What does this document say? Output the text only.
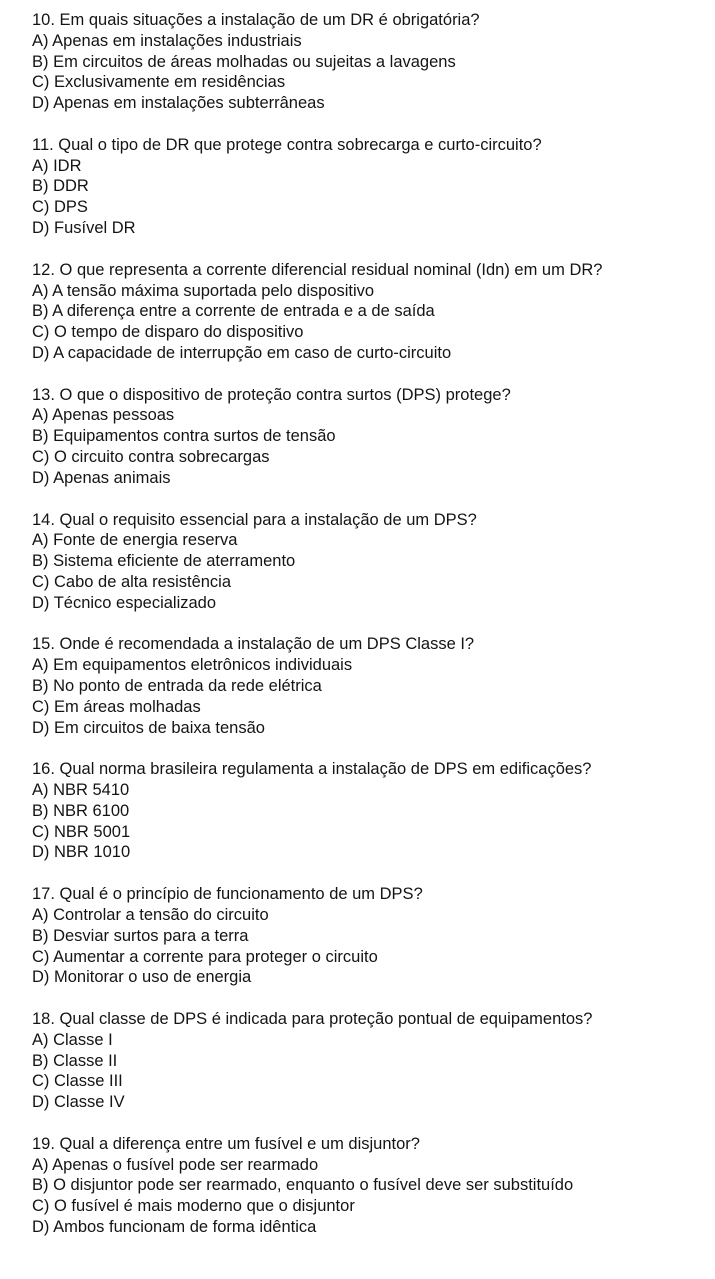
10. Em quais situações a instalação de um DR é obrigatória?
A) Apenas em instalações industriais
B) Em circuitos de áreas molhadas ou sujeitas a lavagens
C) Exclusivamente em residências
D) Apenas em instalações subterrâneas
11. Qual o tipo de DR que protege contra sobrecarga e curto-circuito?
A) IDR
B) DDR
C) DPS
D) Fusível DR
12. O que representa a corrente diferencial residual nominal (Idn) em um DR?
A) A tensão máxima suportada pelo dispositivo
B) A diferença entre a corrente de entrada e a de saída
C) O tempo de disparo do dispositivo
D) A capacidade de interrupção em caso de curto-circuito
13. O que o dispositivo de proteção contra surtos (DPS) protege?
A) Apenas pessoas
B) Equipamentos contra surtos de tensão
C) O circuito contra sobrecargas
D) Apenas animais
14. Qual o requisito essencial para a instalação de um DPS?
A) Fonte de energia reserva
B) Sistema eficiente de aterramento
C) Cabo de alta resistência
D) Técnico especializado
15. Onde é recomendada a instalação de um DPS Classe I?
A) Em equipamentos eletrônicos individuais
B) No ponto de entrada da rede elétrica
C) Em áreas molhadas
D) Em circuitos de baixa tensão
16. Qual norma brasileira regulamenta a instalação de DPS em edificações?
A) NBR 5410
B) NBR 6100
C) NBR 5001
D) NBR 1010
17. Qual é o princípio de funcionamento de um DPS?
A) Controlar a tensão do circuito
B) Desviar surtos para a terra
C) Aumentar a corrente para proteger o circuito
D) Monitorar o uso de energia
18. Qual classe de DPS é indicada para proteção pontual de equipamentos?
A) Classe I
B) Classe II
C) Classe III
D) Classe IV
19. Qual a diferença entre um fusível e um disjuntor?
A) Apenas o fusível pode ser rearmado
B) O disjuntor pode ser rearmado, enquanto o fusível deve ser substituído
C) O fusível é mais moderno que o disjuntor
D) Ambos funcionam de forma idêntica
